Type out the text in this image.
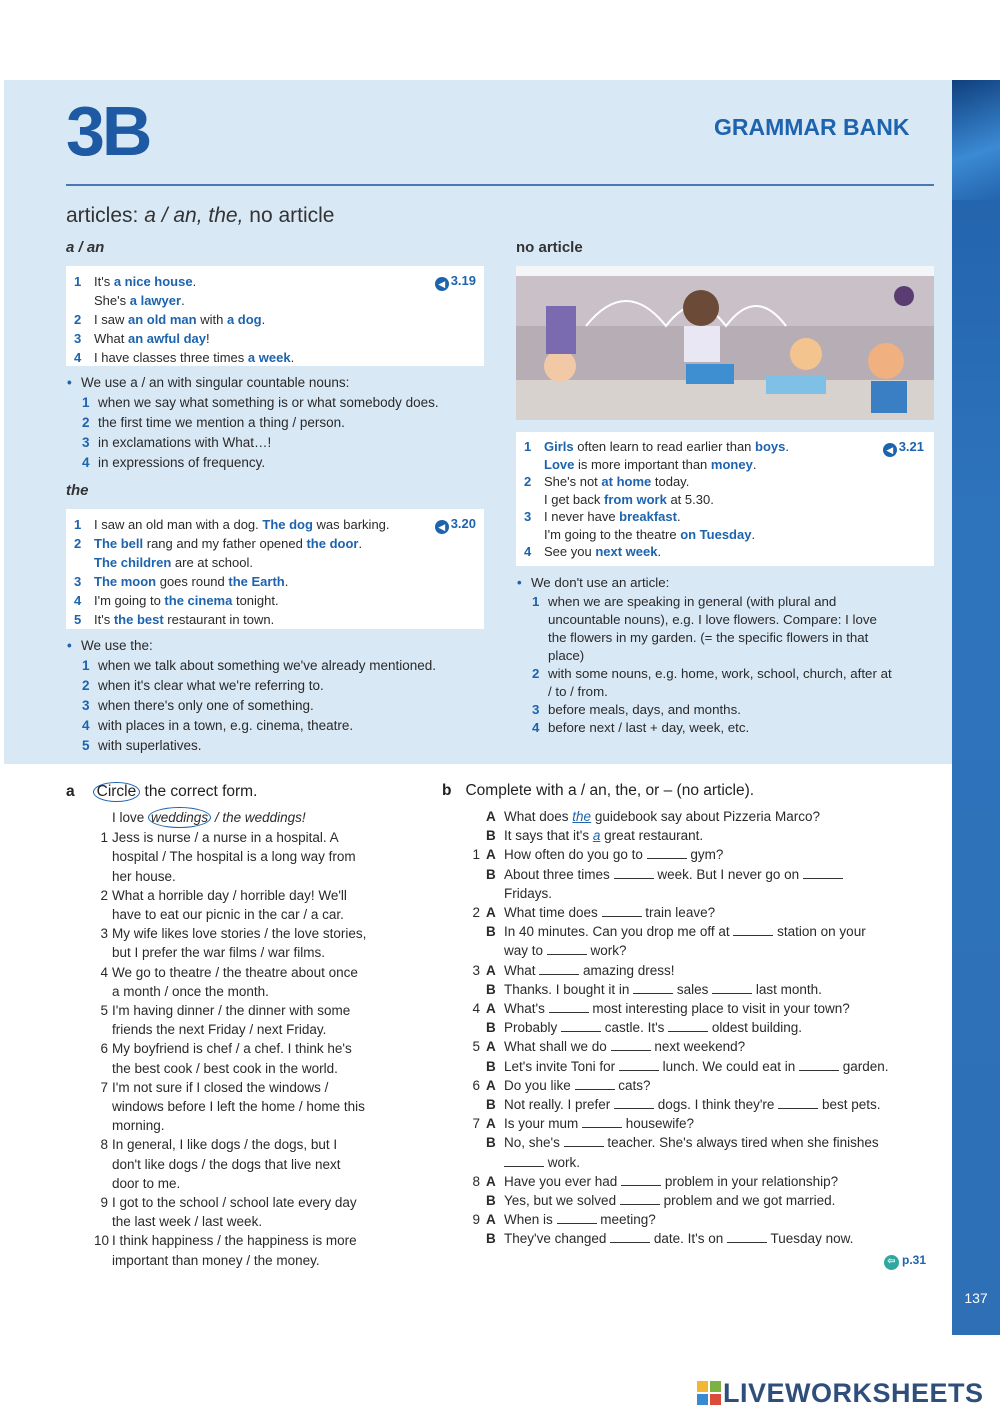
137
3B	GRAMMAR BANK
articles: a / an, the, no article
a / an
◀ 3.19
1 It's a nice house.
She's a lawyer.
2 I saw an old man with a dog.
3 What an awful day!
4 I have classes three times a week.
• We use a / an with singular countable nouns:
1 when we say what something is or what somebody does.
2 the first time we mention a thing / person.
3 in exclamations with What…!
4 in expressions of frequency.
the
◀ 3.20
1 I saw an old man with a dog. The dog was barking.
2 The bell rang and my father opened the door.
The children are at school.
3 The moon goes round the Earth.
4 I'm going to the cinema tonight.
5 It's the best restaurant in town.
• We use the:
1 when we talk about something we've already mentioned.
2 when it's clear what we're referring to.
3 when there's only one of something.
4 with places in a town, e.g. cinema, theatre.
5 with superlatives.
no article
◀ 3.21
1 Girls often learn to read earlier than boys.
Love is more important than money.
2 She's not at home today.
I get back from work at 5.30.
3 I never have breakfast.
I'm going to the theatre on Tuesday.
4 See you next week.
• We don't use an article:
1 when we are speaking in general (with plural and
uncountable nouns), e.g. I love flowers. Compare: I love
the flowers in my garden. (= the specific flowers in that
place)
2 with some nouns, e.g. home, work, school, church, after at
/ to / from.
3 before meals, days, and months.
4 before next / last + day, week, etc.
a Circle the correct form.
I love weddings / the weddings!
1 Jess is nurse / a nurse in a hospital. A
hospital / The hospital is a long way from
her house.
2 What a horrible day / horrible day! We'll
have to eat our picnic in the car / a car.
3 My wife likes love stories / the love stories,
but I prefer the war films / war films.
4 We go to theatre / the theatre about once
a month / once the month.
5 I'm having dinner / the dinner with some
friends the next Friday / next Friday.
6 My boyfriend is chef / a chef. I think he's
the best cook / best cook in the world.
7 I'm not sure if I closed the windows /
windows before I left the home / home this
morning.
8 In general, I like dogs / the dogs, but I
don't like dogs / the dogs that live next
door to me.
9 I got to the school / school late every day
the last week / last week.
10 I think happiness / the happiness is more
important than money / the money.
b Complete with a / an, the, or – (no article).
A What does the guidebook say about Pizzeria Marco?
B It says that it's a great restaurant.
1 A How often do you go to	gym?
B About three times	week. But I never go on
Fridays.
2 A What time does	train leave?
B In 40 minutes. Can you drop me off at	station on your
way to	work?
3 A What	amazing dress!
B Thanks. I bought it in	sales	last month.
4 A What's	most interesting place to visit in your town?
B Probably	castle. It's	oldest building.
5 A What shall we do	next weekend?
B Let's invite Toni for	lunch. We could eat in	garden.
6 A Do you like	cats?
B Not really. I prefer	dogs. I think they're	best pets.
7 A Is your mum	housewife?
B No, she's	teacher. She's always tired when she finishes
work.
8 A Have you ever had	problem in your relationship?
B Yes, but we solved	problem and we got married.
9 A When is	meeting?
B They've changed	date. It's on	Tuesday now.
⇦ p.31
LIVEWORKSHEETS
